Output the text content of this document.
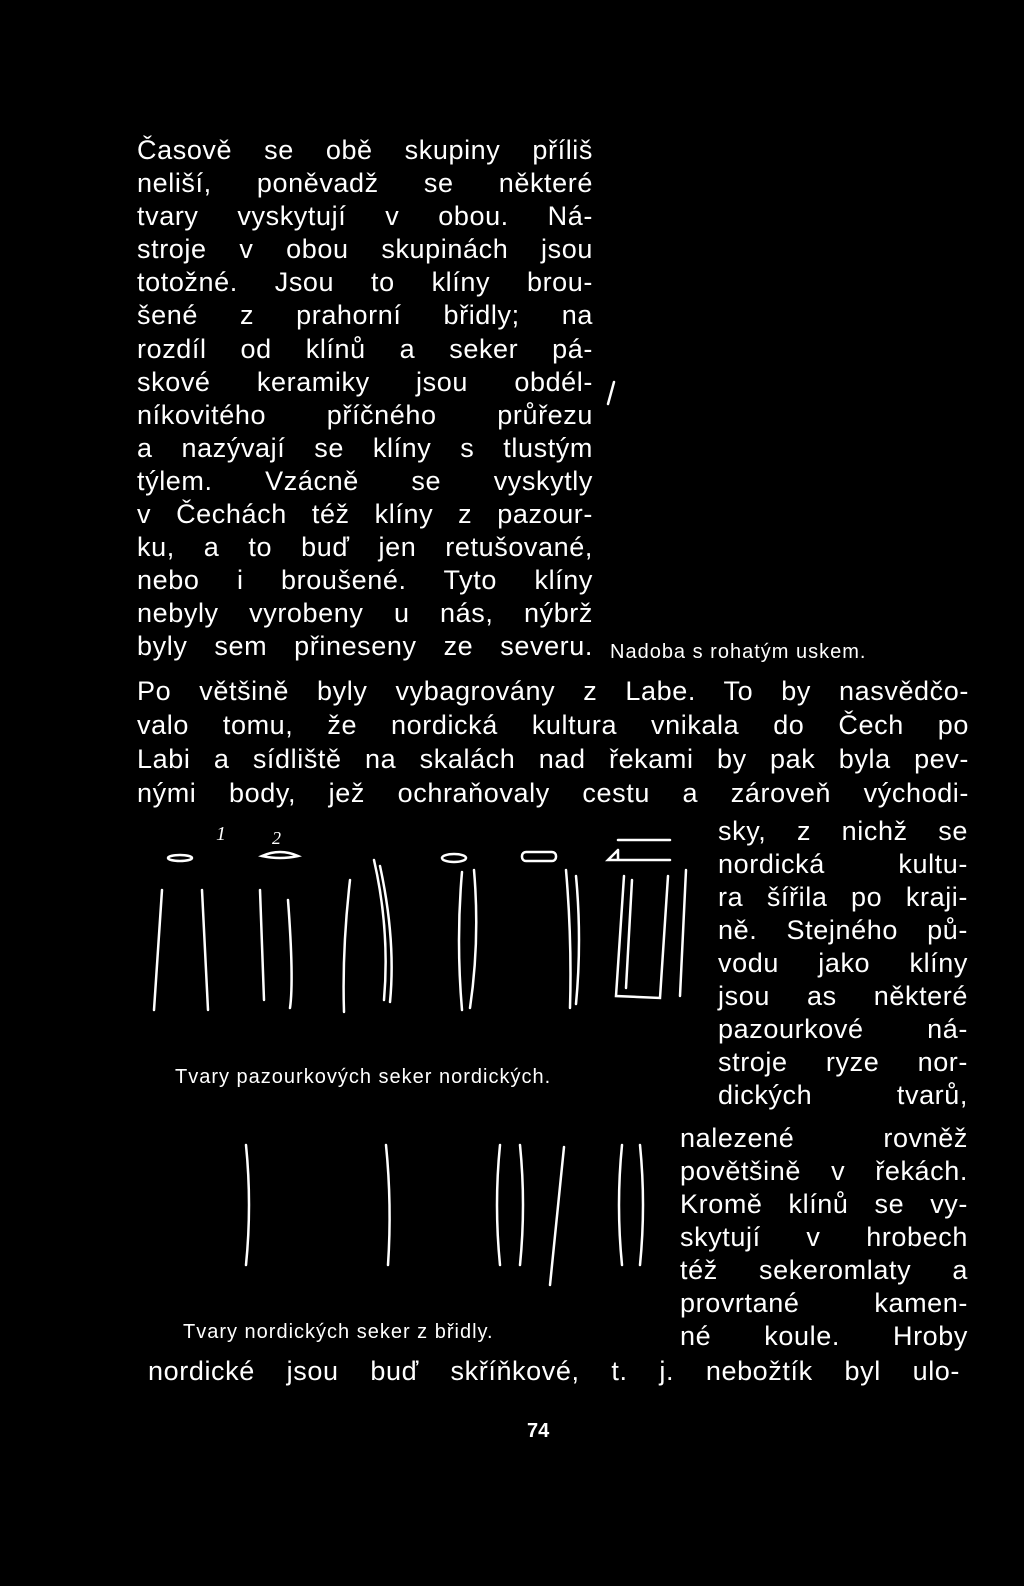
Časově se obě skupiny příliš
neliší, poněvadž se některé
tvary vyskytují v obou. Ná-
stroje v obou skupinách jsou
totožné. Jsou to klíny brou-
šené z prahorní břidly; na
rozdíl od klínů a seker pá-
skové keramiky jsou obdél-
níkovitého příčného průřezu
a nazývají se klíny s tlustým
týlem. Vzácně se vyskytly
v Čechách též klíny z pazour-
ku, a to buď jen retušované,
nebo i broušené. Tyto klíny
nebyly vyrobeny u nás, nýbrž
byly sem přineseny ze severu. Nadoba s rohatým uskem.
Po většině byly vybagrovány z Labe. To by nasvědčo-
valo tomu, že nordická kultura vnikala do Čech po
Labi a sídliště na skalách nad řekami by pak byla pev-
nými body, jež ochraňovaly cestu a zároveň východi-
sky, z nichž se
nordická kultu-
ra šířila po kraji-
ně. Stejného pů-
vodu jako klíny
jsou as některé
pazourkové ná-
stroje ryze nor-
dických tvarů,
1	2
Tvary pazourkových seker nordických.
nalezené rovněž
povětšině v řekách.
Kromě klínů se vy-
skytují v hrobech
též sekeromlaty a
provrtané kamen-
né koule. Hroby
Tvary nordických seker z břidly.
nordické jsou buď skříňkové, t. j. nebožtík byl ulo-
74
